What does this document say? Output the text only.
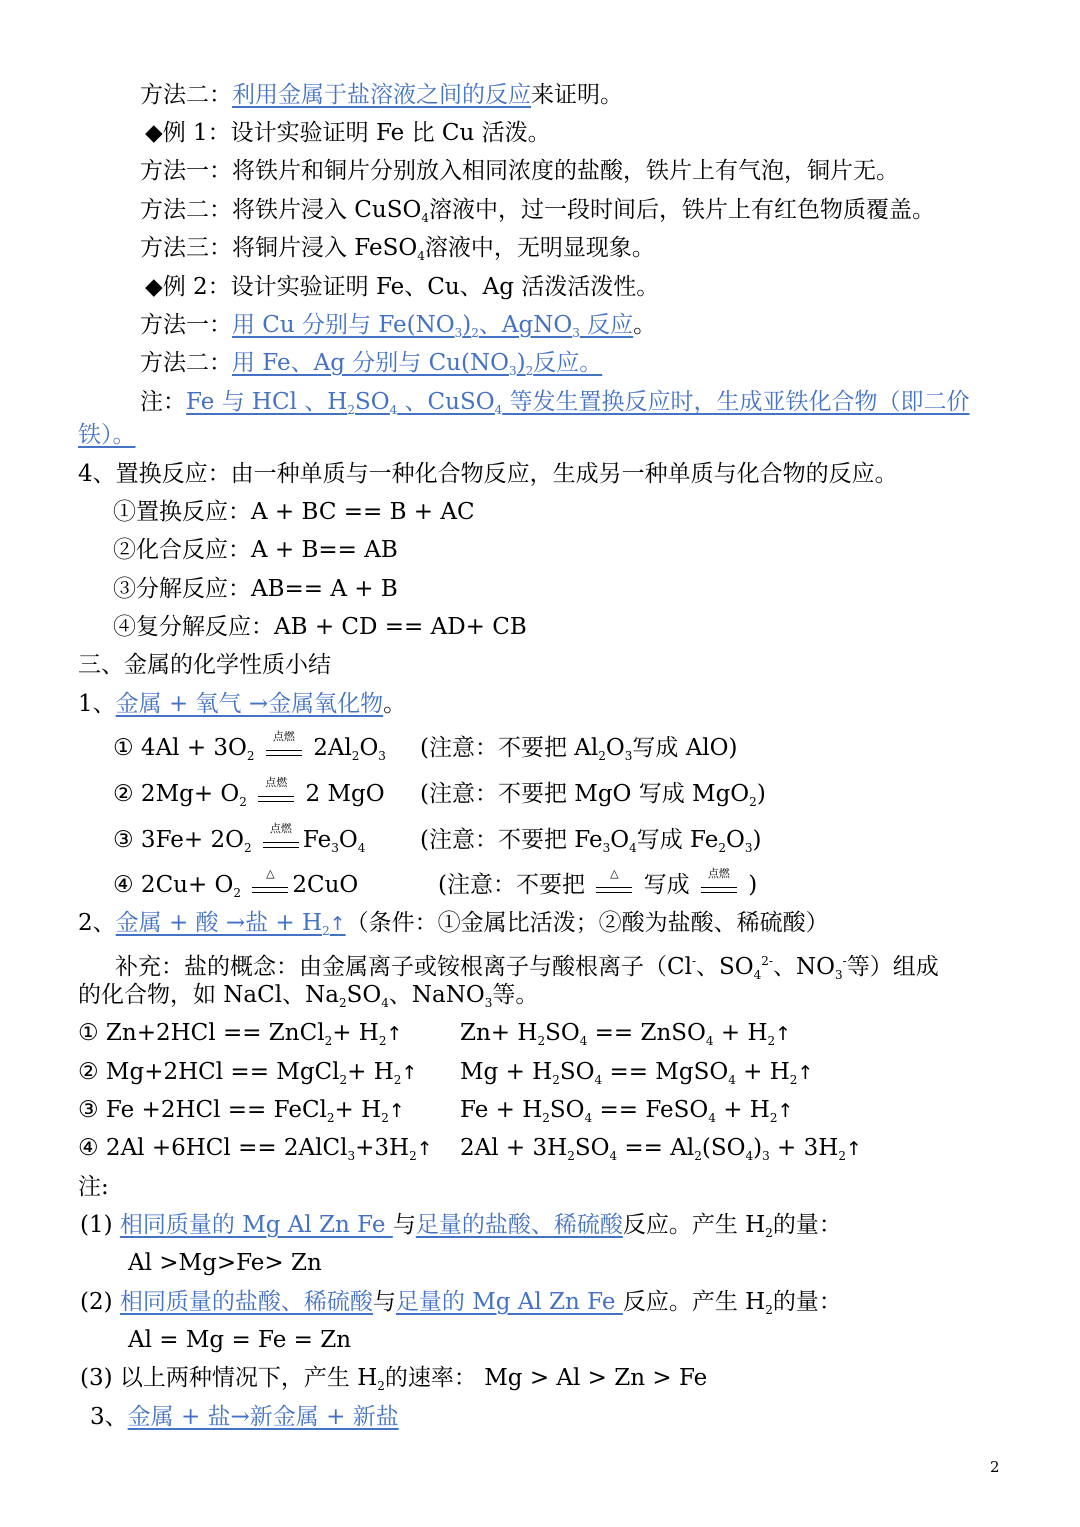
方法二：利用金属于盐溶液之间的反应来证明。
◆例 1：设计实验证明 Fe 比 Cu 活泼。
方法一：将铁片和铜片分别放入相同浓度的盐酸，铁片上有气泡，铜片无。
方法二：将铁片浸入 CuSO$_4$溶液中，过一段时间后，铁片上有红色物质覆盖。
方法三：将铜片浸入 FeSO$_4$溶液中，无明显现象。
◆例 2：设计实验证明 Fe、Cu、Ag 活泼活泼性。
方法一：用 Cu 分别与 $Fe(NO_3)_2$、AgNO$_3$ 反应。
方法二：用 Fe、Ag 分别与 $Cu(NO_3)_2$反应。
注：Fe 与 HCl 、$H_2SO_4$ 、CuSO$_4$ 等发生置换反应时，生成亚铁化合物（即二价
铁）。
4、置换反应：由一种单质与一种化合物反应，生成另一种单质与化合物的反应。
①置换反应：A + BC == B + AC
②化合反应：A + B== AB
③分解反应：AB== A + B
④复分解反应：AB + CD == AD+ CB
三、金属的化学性质小结
1、金属 + 氧气 →金属氧化物。
① $4Al + 3O_2$
点燃 $2Al_2O_3$ (注意：不要把 $Al_2O_3$写成 AlO)
② $2Mg+ O_2$
点燃 2 MgO (注意：不要把 MgO 写成 MgO$_2$)
③ $3Fe+ 2O_2$
点燃 $Fe_3O_4$ (注意：不要把 $Fe_3O_4$写成 $Fe_2O_3$)
④ $2Cu+ O_2$
△ 2CuO	(注意：不要把	△	写成	点燃 )
2、金属 + 酸 →盐 + $H_2↑$（条件：①金属比活泼；②酸为盐酸、稀硫酸）
补充：盐的概念：由金属离子或铵根离子与酸根离子（Cl-、$SO_4^{2-}$、$NO_3^-$等）组成
的化合物，如 NaCl、$Na_2SO_4$、NaNO$_3$等。
① Zn+2HCl == ZnCl$_2$+ $H_2↑$	$Zn+ H_2SO_4$ == ZnSO$_4$ + $H_2↑$
② Mg+2HCl == MgCl$_2$+ $H_2↑$ $Mg + H_2SO_4$ == MgSO$_4$ + $H_2↑$
③ Fe +2HCl == FeCl$_2$+ $H_2↑$ $Fe + H_2SO_4$ == FeSO$_4$ + $H_2↑$
④ $2Al +6HCl == 2AlCl_3+3H_2↑$ $2Al + 3H_2SO_4 == Al_2(SO_4)_3$ + $3H_2↑$
注:
(1) 相同质量的 Mg Al Zn Fe 与足量的盐酸、稀硫酸反应。产生 $H_2$的量：
Al >Mg>Fe> Zn
(2) 相同质量的盐酸、稀硫酸与足量的 Mg Al Zn Fe 反应。产生 $H_2$的量：
Al = Mg = Fe = Zn
(3) 以上两种情况下，产生 $H_2$的速率： Mg > Al > Zn > Fe
3、金属 + 盐→新金属 + 新盐
2
